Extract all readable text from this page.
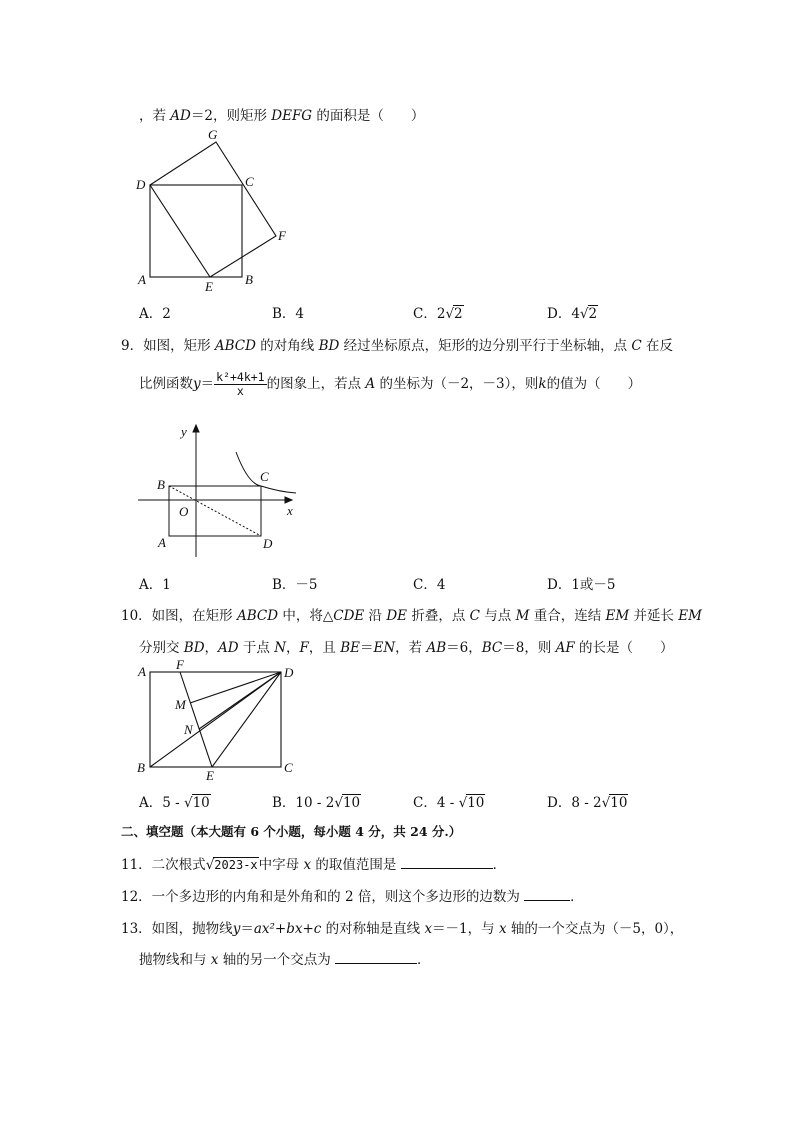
，若 AD＝2，则矩形 DEFG 的面积是（　　）
G
D	C
F
A	E B
A．2	B．4	C．2√2	D．4√2
9．如图，矩形 ABCD 的对角线 BD 经过坐标原点，矩形的边分别平行于坐标轴，点 C 在反
比例函数$y= \frac{\text{k²+4k+1}}{x}$ 的图象上，若点 A 的坐标为（－2，－3），则k的值为（　　）
y
x
B
C
O
A	D
A．1	B．－5	C．4	D．1或－5
10．如图，在矩形 ABCD 中，将△CDE 沿 DE 折叠，点 C 与点 M 重合，连结 EM 并延长 EM
分别交 BD，AD 于点 N，F，且 BE＝EN，若 AB＝6，BC＝8，则 AF 的长是（　　）
A F
D
M
N
B
E
C
A．5 - √10	B．10 - 2√10	C．4 - √10	D．8 - 2√10
二、填空题（本大题有 6 个小题，每小题 4 分，共 24 分.）
11．二次根式√2023-x中字母 x 的取值范围是	．
12．一个多边形的内角和是外角和的 2 倍，则这个多边形的边数为	．
13．如图，抛物线y＝ax²+bx+c 的对称轴是直线 x＝－1，与 x 轴的一个交点为（－5，0），
抛物线和与 x 轴的另一个交点为	．
